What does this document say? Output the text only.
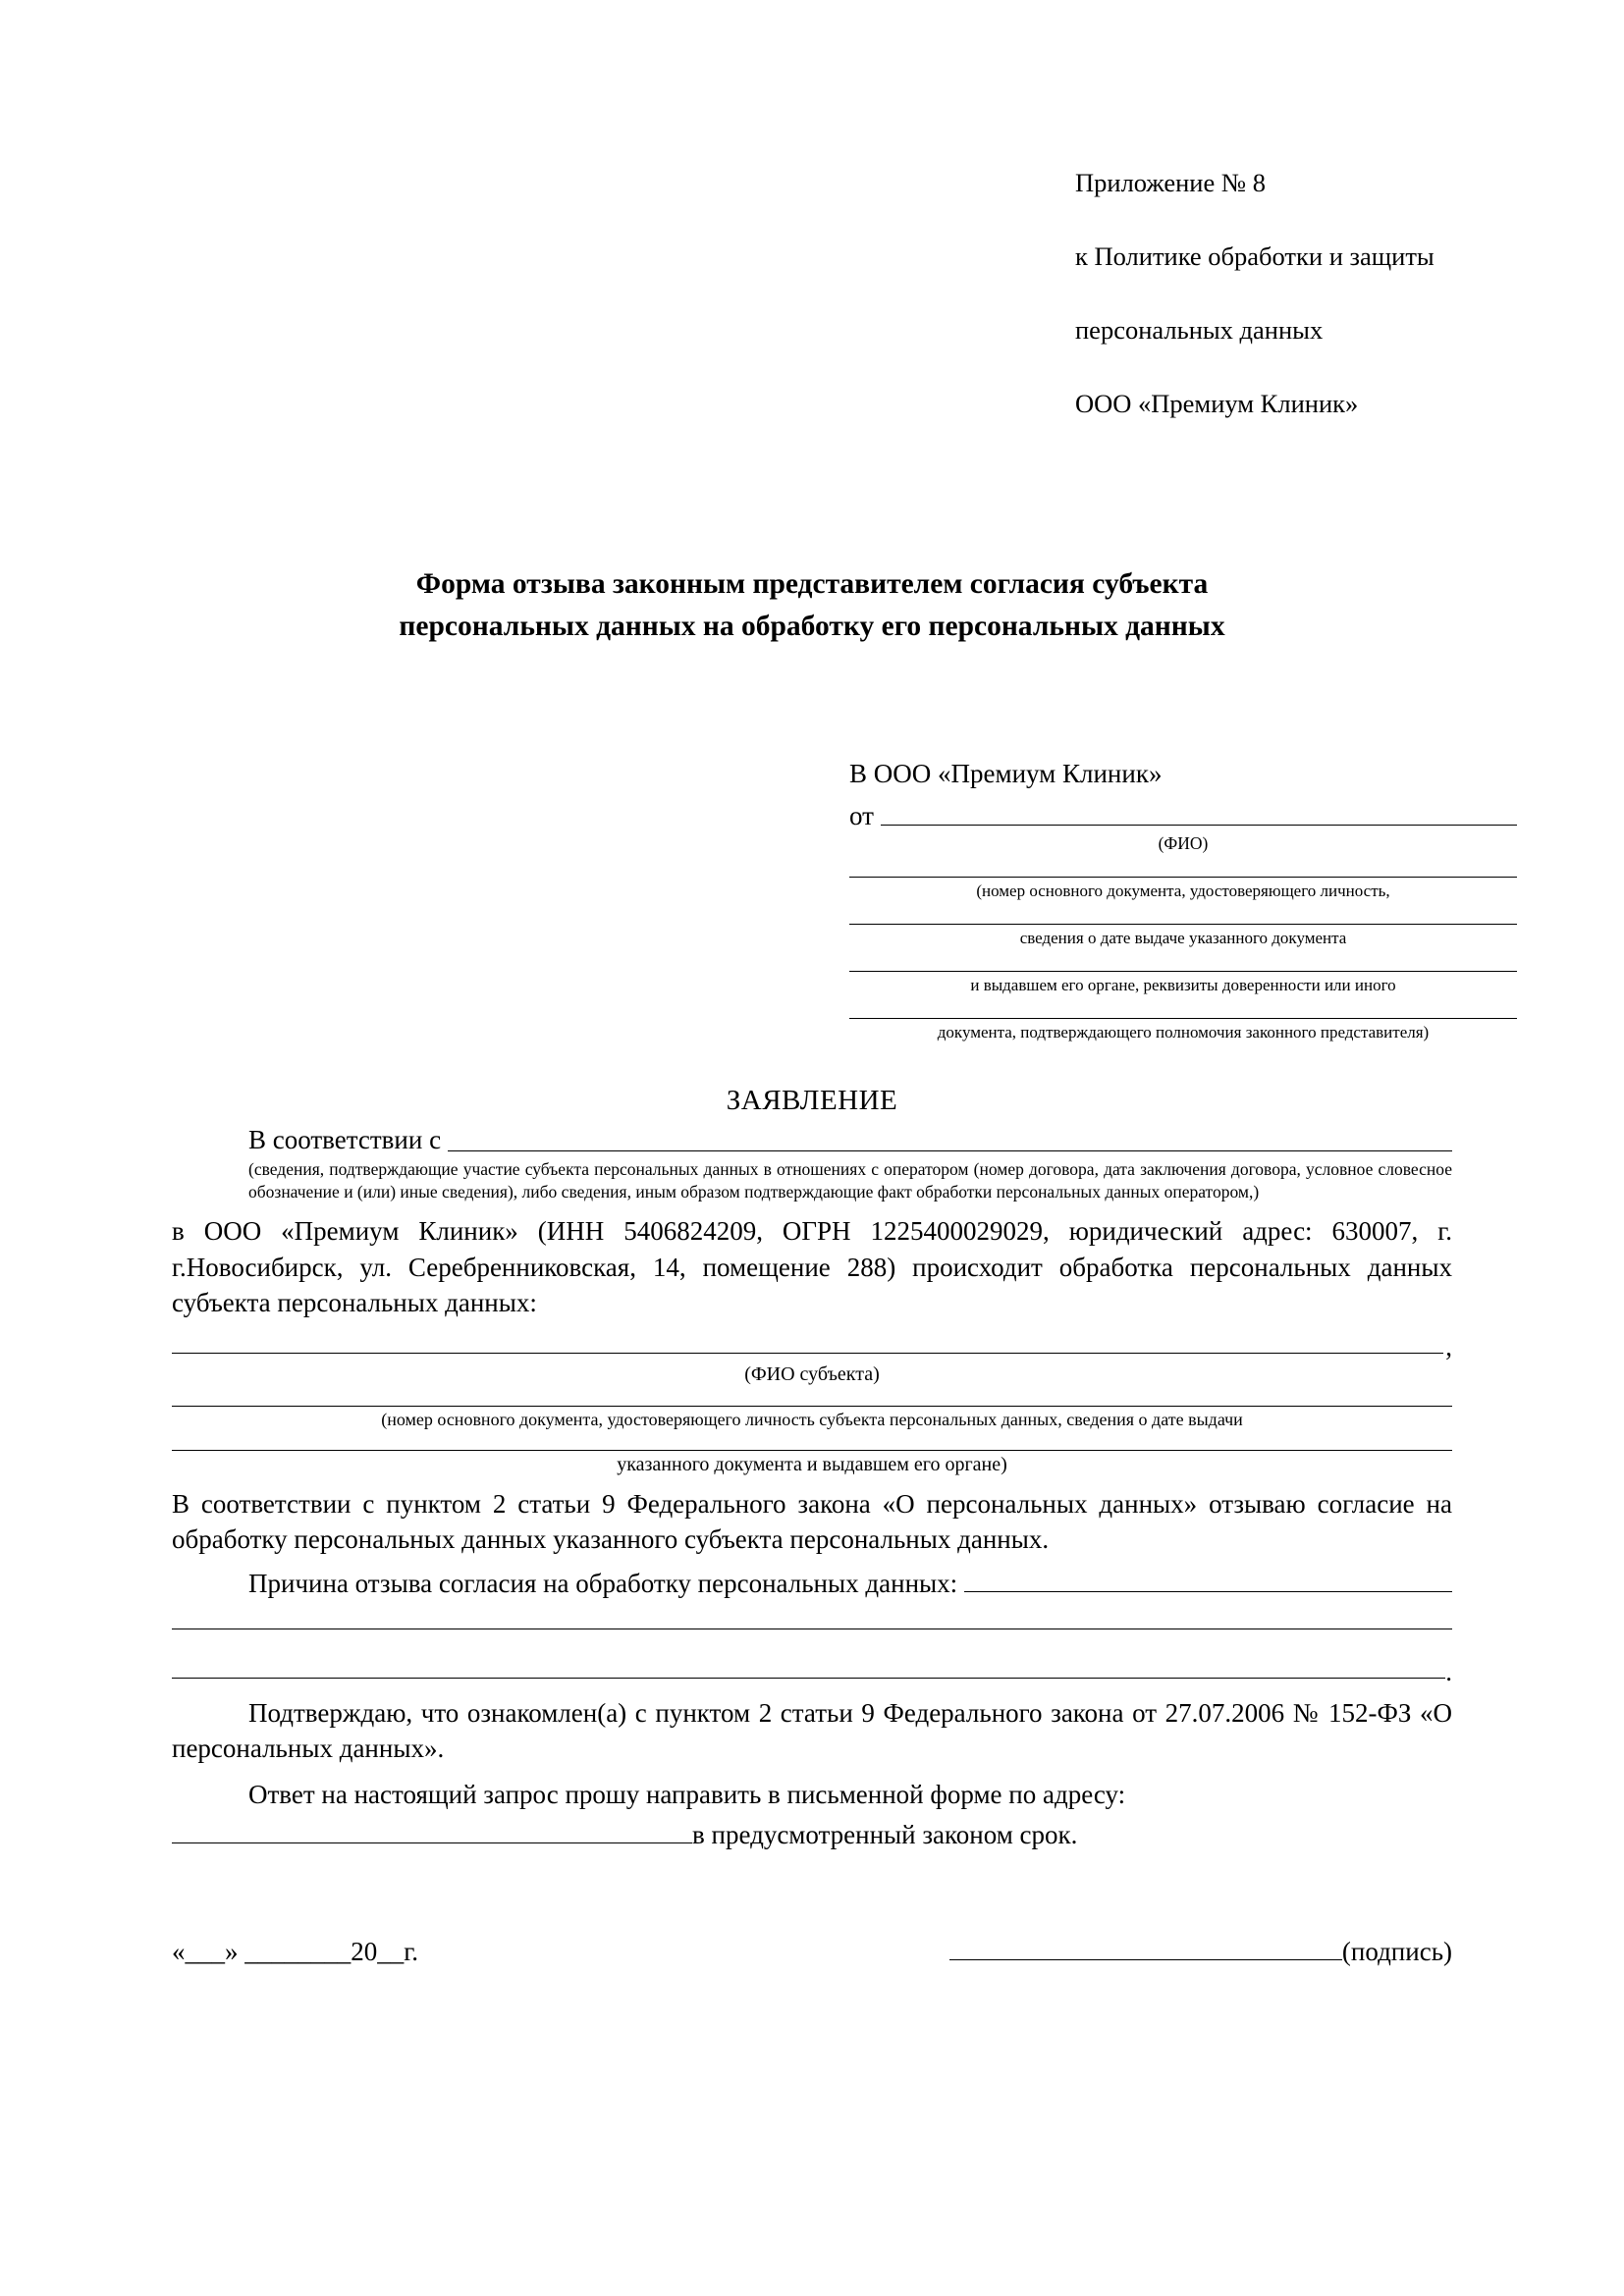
Приложение № 8

к Политике обработки и защиты

персональных данных

ООО «Премиум Клиник»

Форма отзыва законным представителем согласия субъекта
персональных данных на обработку его персональных данных
В ООО «Премиум Клиник»
от
(ФИО)
(номер основного документа, удостоверяющего личность,
сведения о дате выдаче указанного документа
и выдавшем его органе, реквизиты доверенности или иного
документа, подтверждающего полномочия законного представителя)
ЗАЯВЛЕНИЕ
В соответствии с
(сведения, подтверждающие участие субъекта персональных данных в отношениях с оператором (номер договора, дата заключения договора, условное словесное обозначение и (или) иные сведения), либо сведения, иным образом подтверждающие факт обработки персональных данных оператором,)
в ООО «Премиум Клиник» (ИНН 5406824209, ОГРН 1225400029029, юридический адрес: 630007, г. г.Новосибирск, ул. Серебренниковская, 14, помещение 288) происходит обработка персональных данных субъекта персональных данных:
,
(ФИО субъекта)
(номер основного документа, удостоверяющего личность субъекта персональных данных, сведения о дате выдачи
указанного документа и выдавшем его органе)
В соответствии с пунктом 2 статьи 9 Федерального закона «О персональных данных» отзываю согласие на обработку персональных данных указанного субъекта персональных данных.
Причина отзыва согласия на обработку персональных данных:
.
Подтверждаю, что ознакомлен(а) с пунктом 2 статьи 9 Федерального закона от 27.07.2006 № 152-ФЗ «О персональных данных».
Ответ на настоящий запрос прошу направить в письменной форме по адресу:
в предусмотренный законом срок.
«___» ________20__г.	(подпись)
